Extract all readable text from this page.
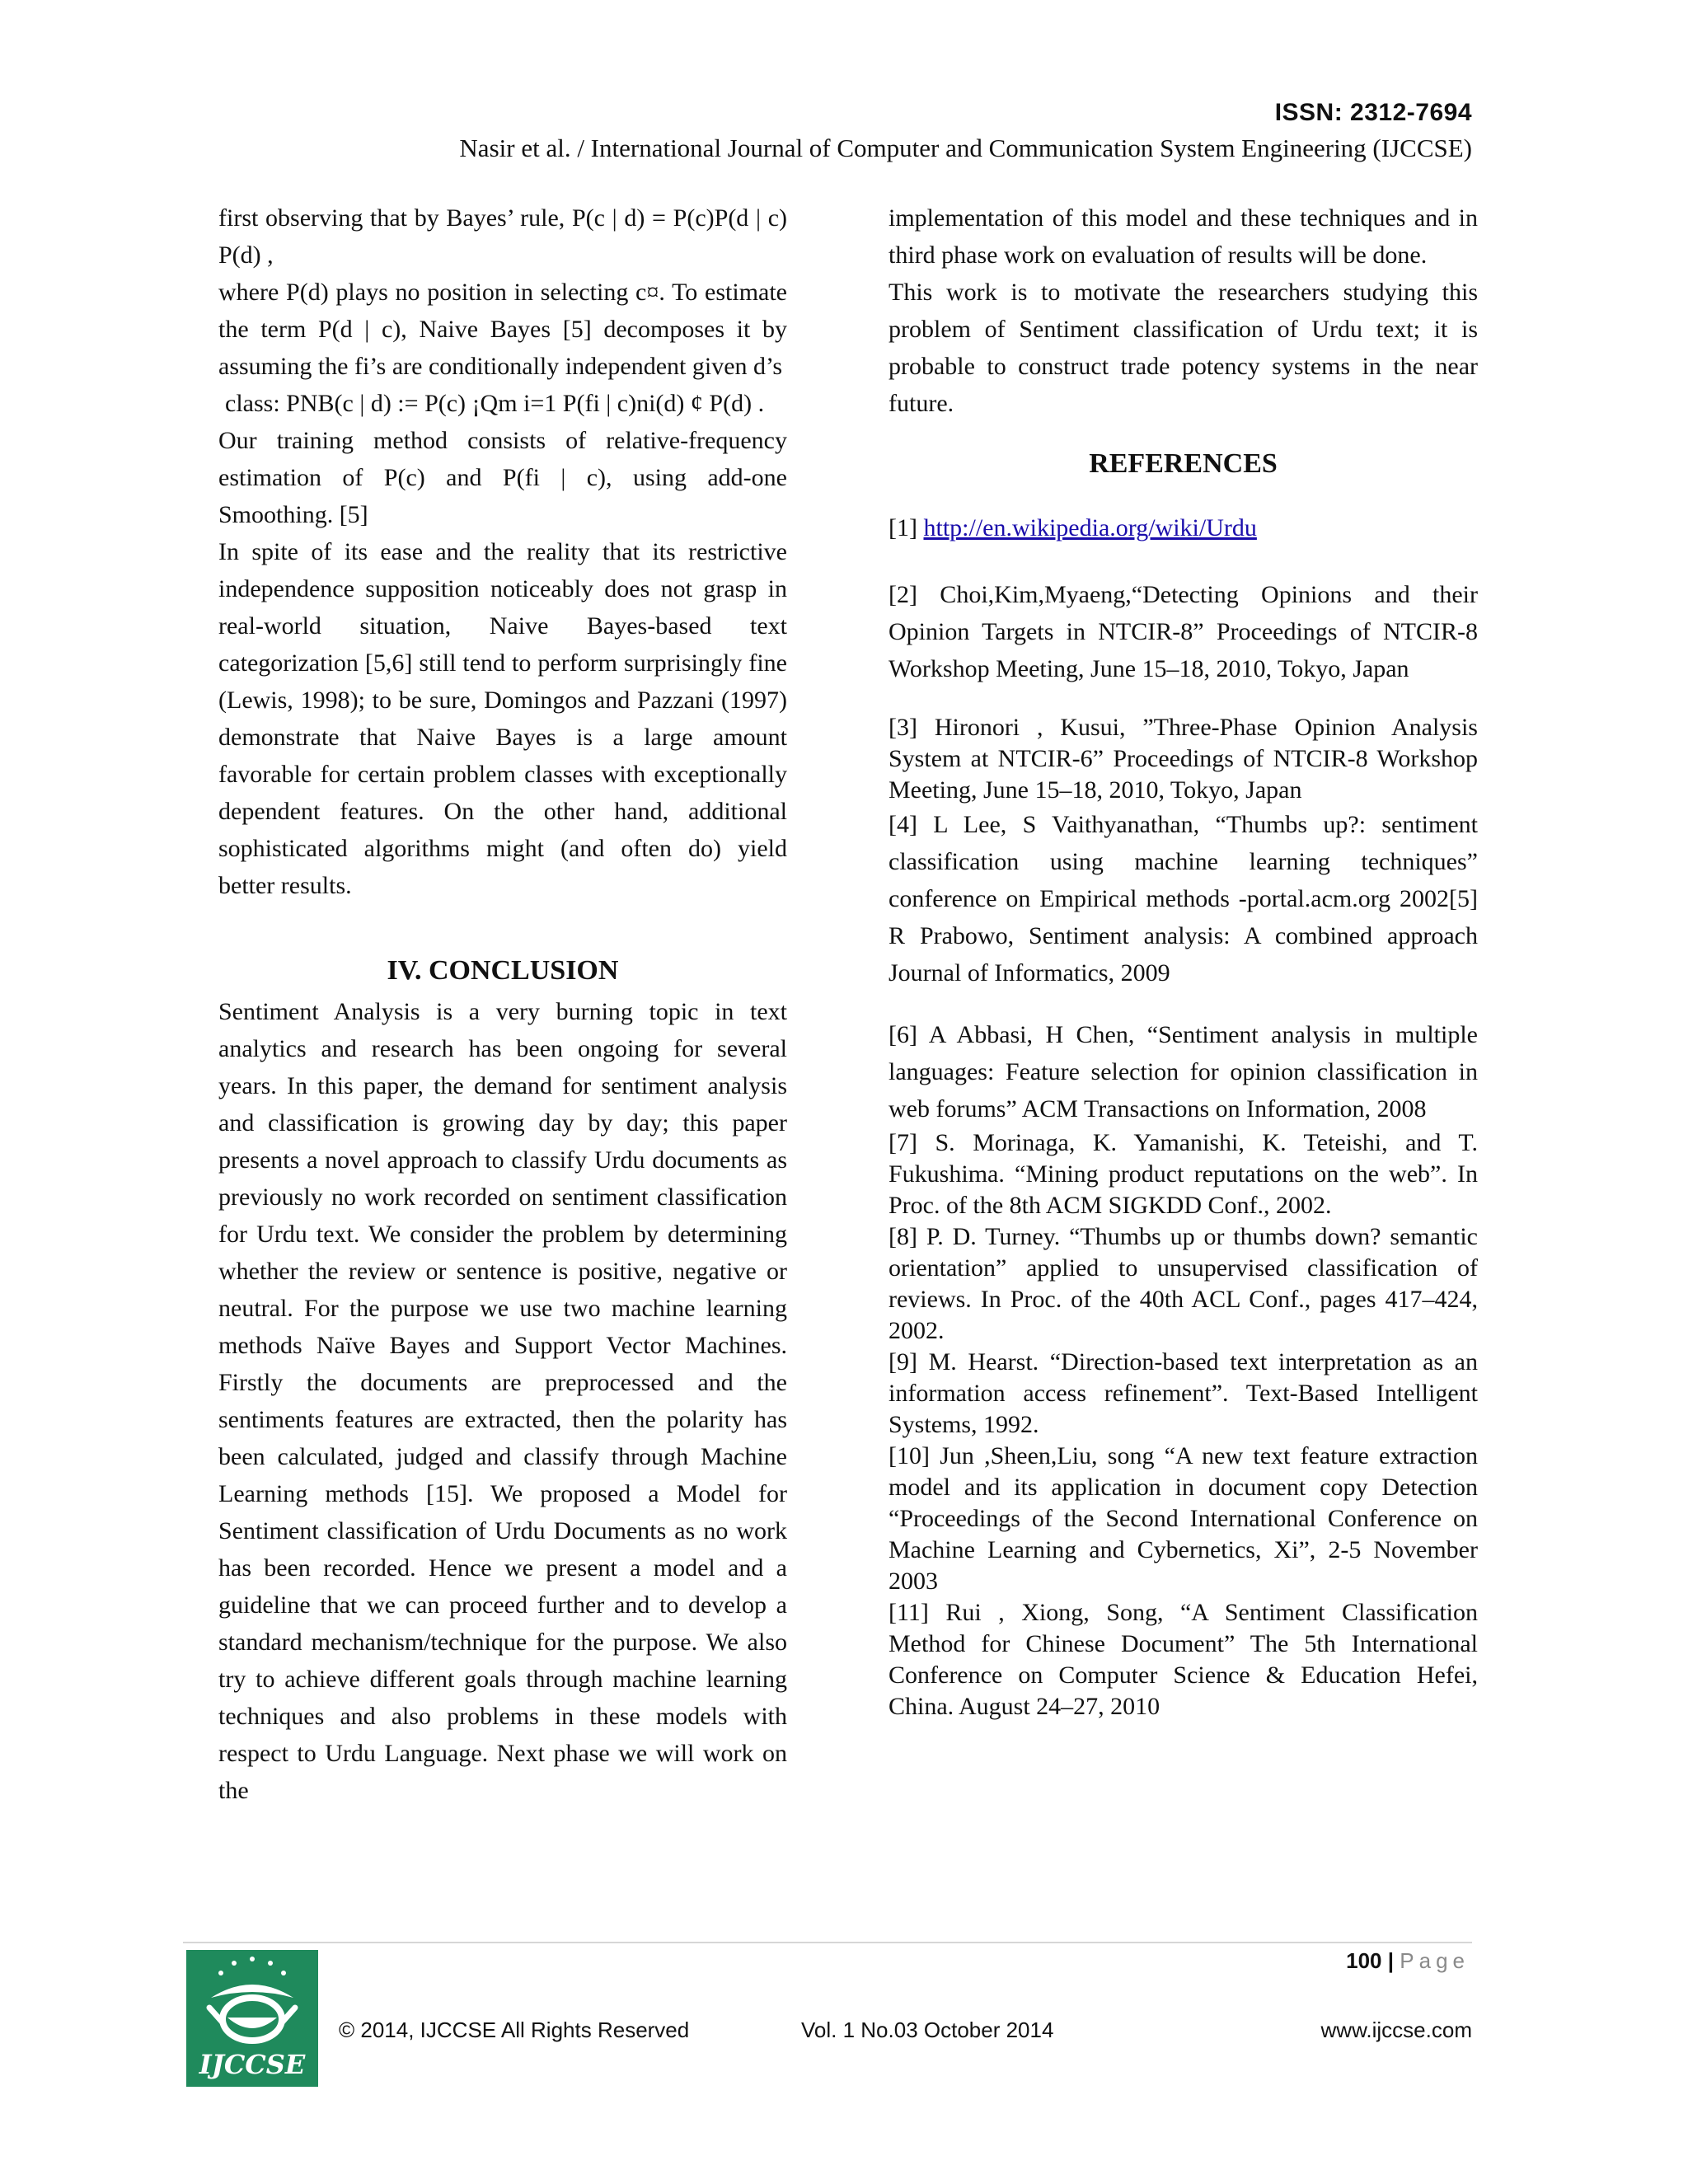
ISSN: 2312-7694
Nasir et al. / International Journal of Computer and Communication System Engineering (IJCCSE)

first observing that by Bayes’ rule, P(c | d) = P(c)P(d | c) P(d) ,

where P(d) plays no position in selecting c¤. To estimate the term P(d | c), Naive Bayes [5] decomposes it by assuming the fi’s are conditionally independent given d’s

class: PNB(c | d) := P(c) ¡Qm i=1 P(fi | c)ni(d) ¢ P(d) .

Our training method consists of relative-frequency estimation of P(c) and P(fi | c), using add-one Smoothing. [5]

In spite of its ease and the reality that its restrictive independence supposition noticeably does not grasp in real-world situation, Naive Bayes-based text categorization [5,6] still tend to perform surprisingly fine (Lewis, 1998); to be sure, Domingos and Pazzani (1997) demonstrate that Naive Bayes is a large amount favorable for certain problem classes with exceptionally dependent features. On the other hand, additional sophisticated algorithms might (and often do) yield better results.

IV. CONCLUSION

Sentiment Analysis is a very burning topic in text analytics and research has been ongoing for several years. In this paper, the demand for sentiment analysis and classification is growing day by day; this paper presents a novel approach to classify Urdu documents as previously no work recorded on sentiment classification for Urdu text. We consider the problem by determining whether the review or sentence is positive, negative or neutral. For the purpose we use two machine learning methods Naïve Bayes and Support Vector Machines. Firstly the documents are preprocessed and the sentiments features are extracted, then the polarity has been calculated, judged and classify through Machine Learning methods [15]. We proposed a Model for Sentiment classification of Urdu Documents as no work has been recorded. Hence we present a model and a guideline that we can proceed further and to develop a standard mechanism/technique for the purpose. We also try to achieve different goals through machine learning techniques and also problems in these models with respect to Urdu Language. Next phase we will work on the

implementation of this model and these techniques and in third phase work on evaluation of results will be done.

This work is to motivate the researchers studying this problem of Sentiment classification of Urdu text; it is probable to construct trade potency systems in the near future.

REFERENCES

[1] http://en.wikipedia.org/wiki/Urdu

[2] Choi,Kim,Myaeng,“Detecting Opinions and their Opinion Targets in NTCIR-8” Proceedings of NTCIR-8 Workshop Meeting, June 15–18, 2010, Tokyo, Japan

[3] Hironori , Kusui, ”Three-Phase Opinion Analysis System at NTCIR-6” Proceedings of NTCIR-8 Workshop Meeting, June 15–18, 2010, Tokyo, Japan

[4] L Lee, S Vaithyanathan, “Thumbs up?: sentiment classification using machine learning techniques” conference on Empirical methods -portal.acm.org 2002[5] R Prabowo, Sentiment analysis: A combined approach Journal of Informatics, 2009

[6] A Abbasi, H Chen, “Sentiment analysis in multiple languages: Feature selection for opinion classification in web forums” ACM Transactions on Information, 2008

[7] S. Morinaga, K. Yamanishi, K. Teteishi, and T. Fukushima. “Mining product reputations on the web”. In Proc. of the 8th ACM SIGKDD Conf., 2002.

[8] P. D. Turney. “Thumbs up or thumbs down? semantic orientation” applied to unsupervised classification of reviews. In Proc. of the 40th ACL Conf., pages 417–424, 2002.

[9] M. Hearst. “Direction-based text interpretation as an information access refinement”. Text-Based Intelligent Systems, 1992.

[10] Jun ,Sheen,Liu, song “A new text feature extraction model and its application in document copy Detection “Proceedings of the Second International Conference on Machine Learning and Cybernetics, Xi”, 2-5 November 2003

[11] Rui , Xiong, Song, “A Sentiment Classification Method for Chinese Document” The 5th International Conference on Computer Science & Education Hefei, China. August 24–27, 2010

100 | Page
IJCCSE
© 2014, IJCCSE All Rights Reserved	Vol. 1 No.03 October 2014	www.ijccse.com
